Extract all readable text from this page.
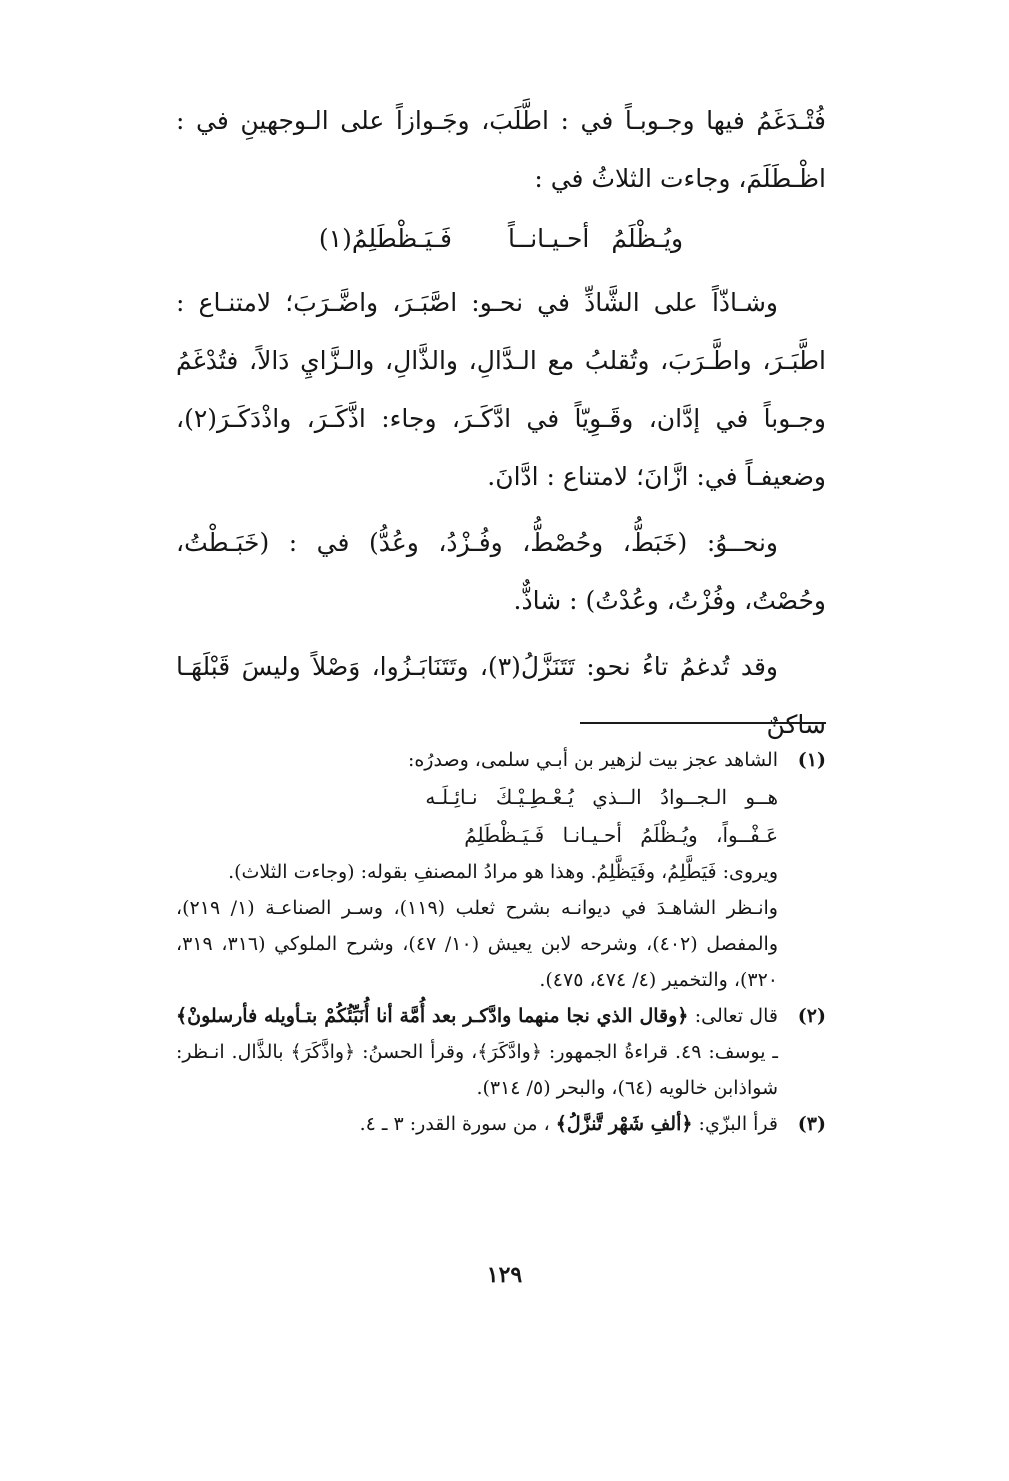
فُتْـدَغَمُ فيها وجـوبـاً في : اطَّلَبَ، وجَـوازاً على الـوجهينِ في : اظْـطَلَمَ، وجاءت الثلاثُ في :

ويُـظْلَمُ أحـيـانــاً
فَـيَـظْطَلِمُ(١)

وشـاذّاً على الشَّاذِّ في نحـو: اصَّبَـرَ، واضَّـرَبَ؛ لامتنـاع : اطَّبَـرَ، واطَّـرَبَ، وتُقلبُ مع الـدَّالِ، والذَّالِ، والـزَّايِ دَالاً، فتُدْغَمُ وجـوباً في إدَّان، وقَـوِيّاً في ادَّكَـرَ، وجاء: اذَّكَـرَ، واذْدَكَـرَ(٢)، وضعيفـاً في: ازَّانَ؛ لامتناع : ادَّانَ.

ونحــوُ: (خَبَطُّ، وحُصْطُّ، وفُـزْدُ، وعُدُّ) في : (خَبَـطْتُ، وحُصْتُ، وفُزْتُ، وعُدْتُ) : شاذٌّ.

وقد تُدغمُ تاءُ نحو: تَتَنَزَّلُ(٣)، وتَتَنَابَـزُوا، وَصْلاً وليسَ قَبْلَهَـا ساكنٌ

(١)
الشاهد عجز بيت لزهير بن أبـي سلمى، وصدرُه:
هــو الـجــوادُ الــذي يُـعْـطِـيْـكَ نـائِـلَـه
عَـفْــواً، ويُـظْلَمُ أحـيـانـا فَـيَـظْطَلِمُ
ويروى: فَيَطَّلِمُ، وفَيَظَّلِمُ. وهذا هو مرادُ المصنفِ بقوله: (وجاءت الثلاث).
وانـظر الشاهـدَ في ديوانـه بشرح ثعلب (١١٩)، وسـر الصناعـة (١/ ٢١٩)، والمفصل (٤٠٢)، وشرحه لابن يعيش (١٠/ ٤٧)، وشرح الملوكي (٣١٦، ٣١٩، ٣٢٠)، والتخمير (٤/ ٤٧٤، ٤٧٥).
(٢)
قال تعالى: ﴿وقال الذي نجا منهما وادَّكـر بعد أُمَّة أنا أُنَبِّئُكُمْ بتـأويله فأرسلونْ﴾ ـ يوسف: ٤٩. قراءةُ الجمهور: ﴿وادَّكَرَ﴾، وقرأ الحسنُ: ﴿واذَّكَرَ﴾ بالذَّال. انـظر: شواذابن خالويه (٦٤)، والبحر (٥/ ٣١٤).
(٣)
قرأ البزّي: ﴿ألفِ شَهْر تَّنزَّلُ﴾ ، من سورة القدر: ٣ ـ ٤.
١٢٩
